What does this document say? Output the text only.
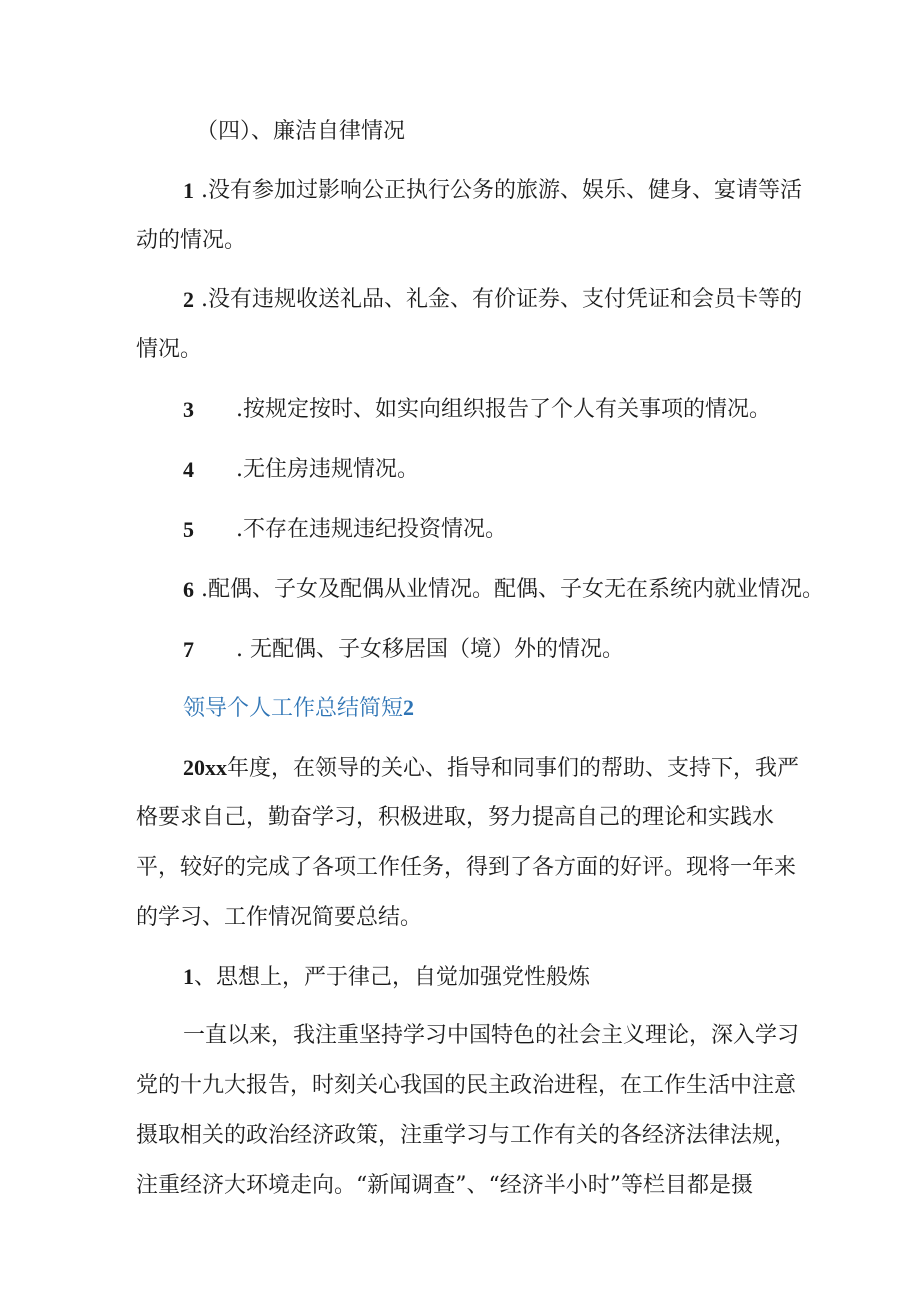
（四）、廉洁自律情况
1 .没有参加过影响公正执行公务的旅游、娱乐、健身、宴请等活
动的情况。
2 .没有违规收送礼品、礼金、有价证券、支付凭证和会员卡等的
情况。
3 .按规定按时、如实向组织报告了个人有关事项的情况。
4 .无住房违规情况。
5 .不存在违规违纪投资情况。
6 .配偶、子女及配偶从业情况。配偶、子女无在系统内就业情况。
7 . 无配偶、子女移居国（境）外的情况。
领导个人工作总结简短2
20xx年度，在领导的关心、指导和同事们的帮助、支持下，我严
格要求自己，勤奋学习，积极进取，努力提高自己的理论和实践水
平，较好的完成了各项工作任务，得到了各方面的好评。现将一年来
的学习、工作情况简要总结。
1、思想上，严于律己，自觉加强党性般炼
一直以来，我注重坚持学习中国特色的社会主义理论，深入学习
党的十九大报告，时刻关心我国的民主政治进程，在工作生活中注意
摄取相关的政治经济政策，注重学习与工作有关的各经济法律法规，
注重经济大环境走向。“新闻调查”、“经济半小时”等栏目都是摄
